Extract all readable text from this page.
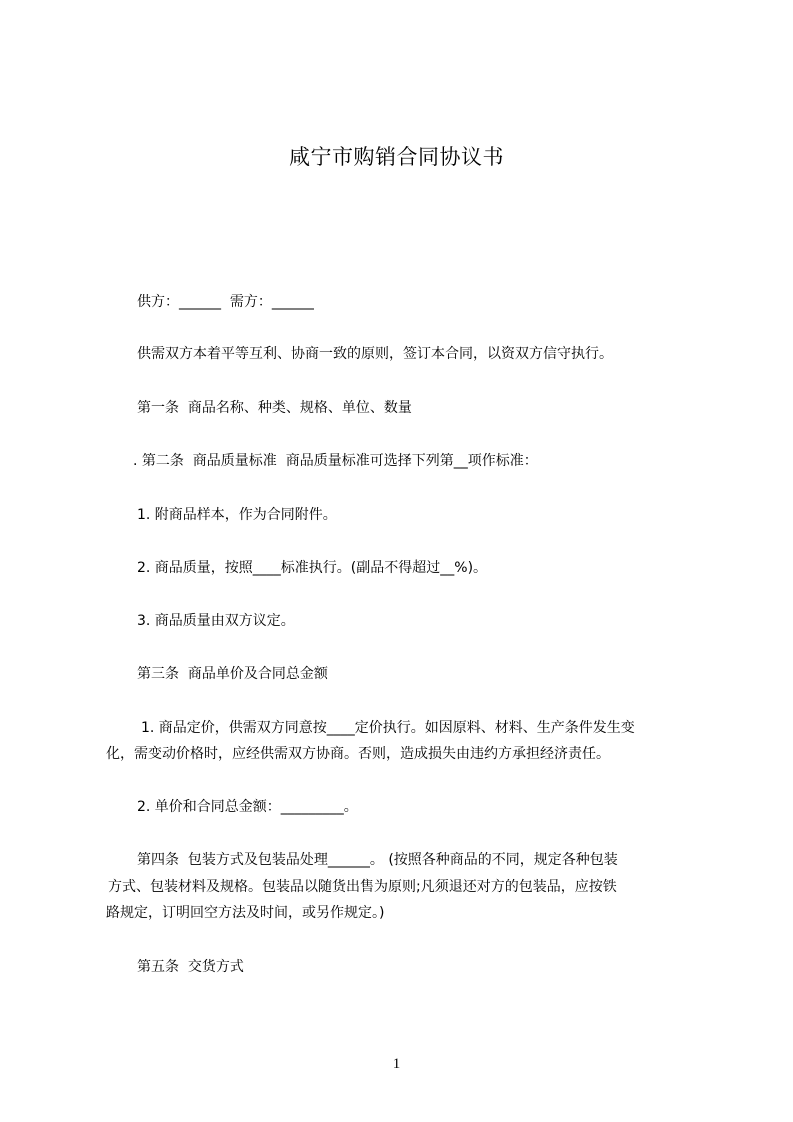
咸宁市购销合同协议书

供方：______  需方：______

供需双方本着平等互利、协商一致的原则，签订本合同，以资双方信守执行。

第一条  商品名称、种类、规格、单位、数量

. 第二条  商品质量标准  商品质量标准可选择下列第__项作标准：

1. 附商品样本，作为合同附件。

2. 商品质量，按照____标准执行。(副品不得超过__%)。

3. 商品质量由双方议定。

第三条  商品单价及合同总金额

1. 商品定价，供需双方同意按____定价执行。如因原料、材料、生产条件发生变

化，需变动价格时，应经供需双方协商。否则，造成损失由违约方承担经济责任。

2. 单价和合同总金额：_________。

第四条  包装方式及包装品处理______。 (按照各种商品的不同，规定各种包装

方式、包装材料及规格。包装品以随货出售为原则;凡须退还对方的包装品，应按铁

路规定，订明回空方法及时间，或另作规定。)

第五条  交货方式

1
